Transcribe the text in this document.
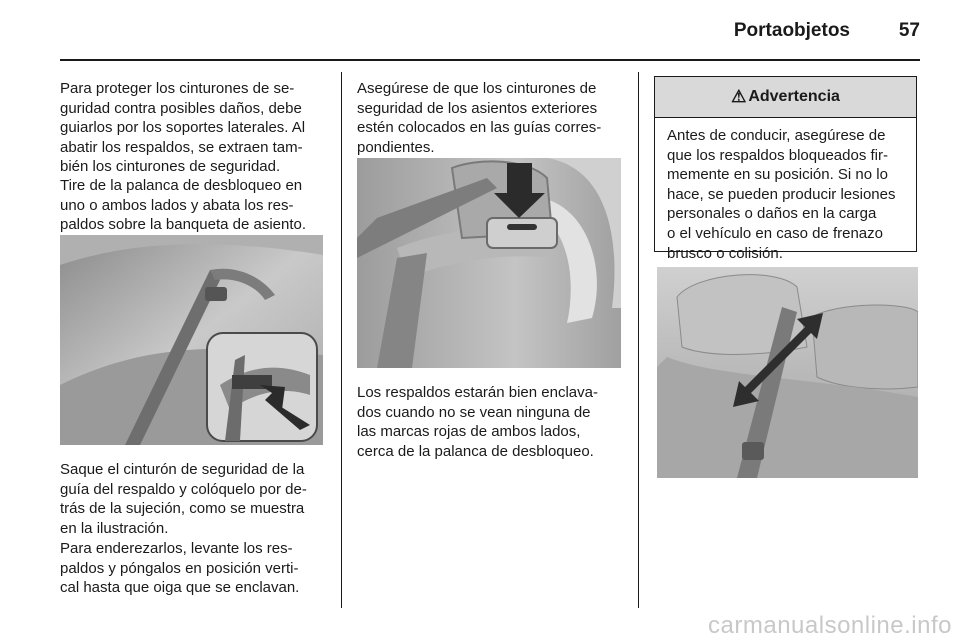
Portaobjetos	57

Para proteger los cinturones de se-
guridad contra posibles daños, debe
guiarlos por los soportes laterales. Al
abatir los respaldos, se extraen tam-
bién los cinturones de seguridad.

Tire de la palanca de desbloqueo en
uno o ambos lados y abata los res-
paldos sobre la banqueta de asiento.

Saque el cinturón de seguridad de la
guía del respaldo y colóquelo por de-
trás de la sujeción, como se muestra
en la ilustración.

Para enderezarlos, levante los res-
paldos y póngalos en posición verti-
cal hasta que oiga que se enclavan.

Asegúrese de que los cinturones de
seguridad de los asientos exteriores
estén colocados en las guías corres-
pondientes.

Los respaldos estarán bien enclava-
dos cuando no se vean ninguna de
las marcas rojas de ambos lados,
cerca de la palanca de desbloqueo.

⚠ Advertencia

Antes de conducir, asegúrese de
que los respaldos bloqueados fir-
memente en su posición. Si no lo
hace, se pueden producir lesiones
personales o daños en la carga
o el vehículo en caso de frenazo
brusco o colisión.

carmanualsonline.info
